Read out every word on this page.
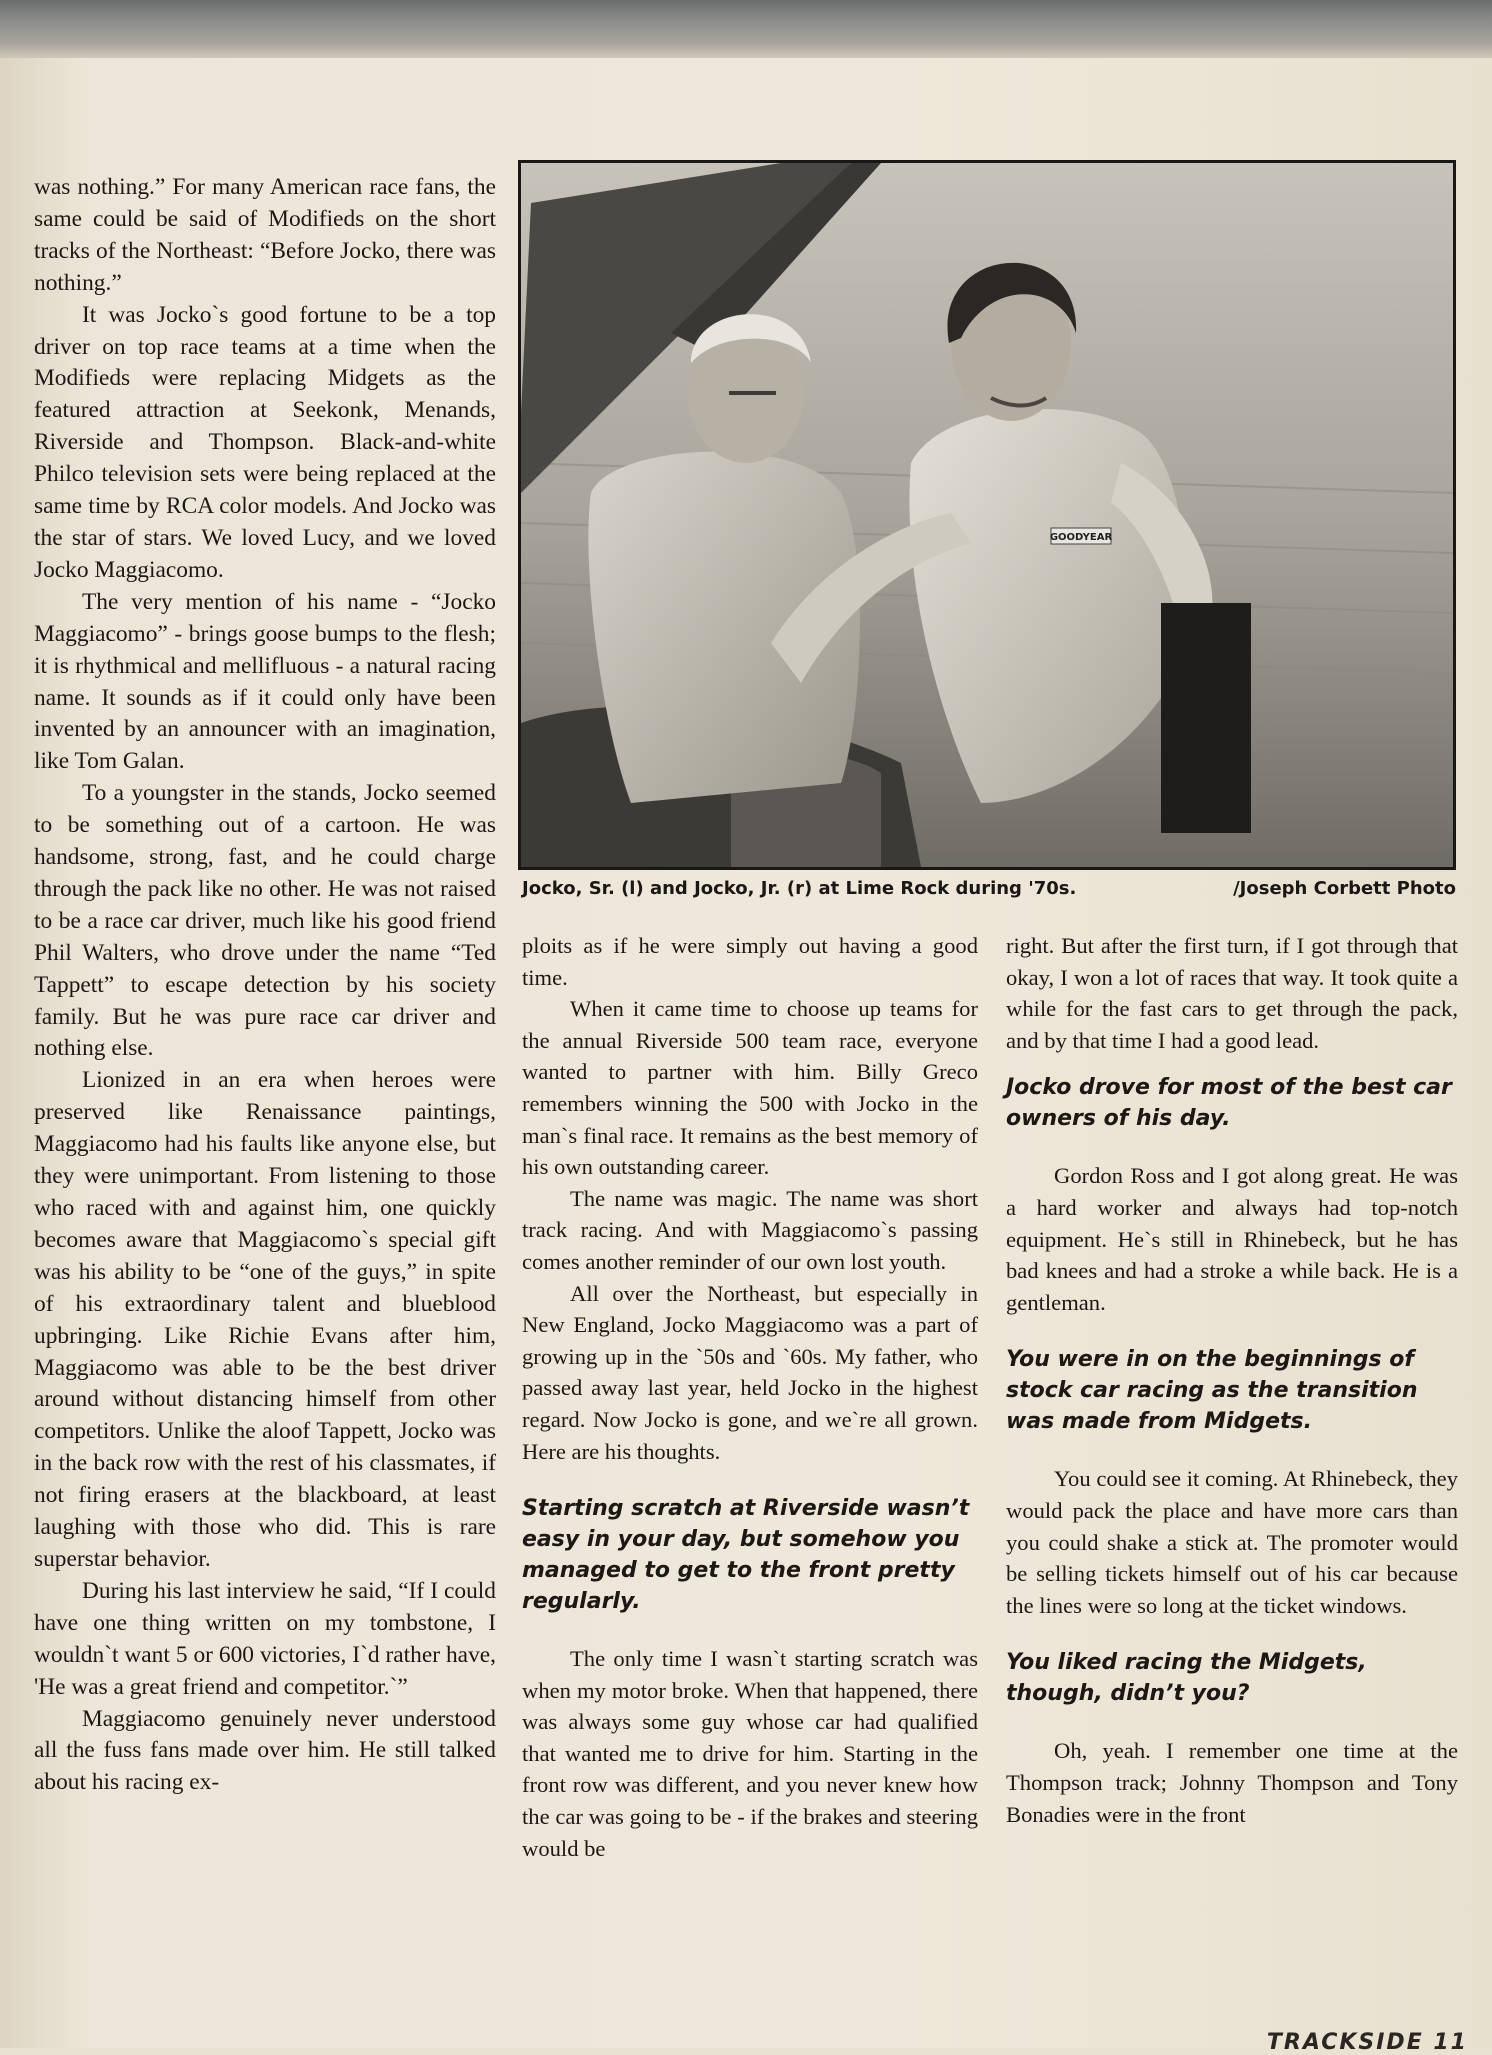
GOODYEAR
Jocko, Sr. (l) and Jocko, Jr. (r) at Lime Rock during '70s.	/Joseph Corbett Photo

was nothing.” For many American race fans, the same could be said of Modifieds on the short tracks of the Northeast: “Before Jocko, there was nothing.”

It was Jocko`s good fortune to be a top driver on top race teams at a time when the Modifieds were replacing Midgets as the featured attraction at Seekonk, Menands, Riverside and Thompson. Black-and-white Philco television sets were being replaced at the same time by RCA color models. And Jocko was the star of stars. We loved Lucy, and we loved Jocko Maggiacomo.

The very mention of his name - “Jocko Maggiacomo” - brings goose bumps to the flesh; it is rhythmical and mellifluous - a natural racing name. It sounds as if it could only have been invented by an announcer with an imagination, like Tom Galan.

To a youngster in the stands, Jocko seemed to be something out of a cartoon. He was handsome, strong, fast, and he could charge through the pack like no other. He was not raised to be a race car driver, much like his good friend Phil Walters, who drove under the name “Ted Tappett” to escape detection by his society family. But he was pure race car driver and nothing else.

Lionized in an era when heroes were preserved like Renaissance paintings, Maggiacomo had his faults like anyone else, but they were unimportant. From listening to those who raced with and against him, one quickly becomes aware that Maggiacomo`s special gift was his ability to be “one of the guys,” in spite of his extraordinary talent and blueblood upbringing. Like Richie Evans after him, Maggiacomo was able to be the best driver around without distancing himself from other competitors. Unlike the aloof Tappett, Jocko was in the back row with the rest of his classmates, if not firing erasers at the blackboard, at least laughing with those who did. This is rare superstar behavior.

During his last interview he said, “If I could have one thing written on my tombstone, I wouldn`t want 5 or 600 victories, I`d rather have, 'He was a great friend and competitor.`”

Maggiacomo genuinely never understood all the fuss fans made over him. He still talked about his racing ex-

ploits as if he were simply out having a good time.

When it came time to choose up teams for the annual Riverside 500 team race, everyone wanted to partner with him. Billy Greco remembers winning the 500 with Jocko in the man`s final race. It remains as the best memory of his own outstanding career.

The name was magic. The name was short track racing. And with Maggiacomo`s passing comes another reminder of our own lost youth.

All over the Northeast, but especially in New England, Jocko Maggiacomo was a part of growing up in the `50s and `60s. My father, who passed away last year, held Jocko in the highest regard. Now Jocko is gone, and we`re all grown. Here are his thoughts.

Starting scratch at Riverside wasn’t easy in your day, but somehow you managed to get to the front pretty regularly.

The only time I wasn`t starting scratch was when my motor broke. When that happened, there was always some guy whose car had qualified that wanted me to drive for him. Starting in the front row was different, and you never knew how the car was going to be - if the brakes and steering would be

right. But after the first turn, if I got through that okay, I won a lot of races that way. It took quite a while for the fast cars to get through the pack, and by that time I had a good lead.

Jocko drove for most of the best car owners of his day.

Gordon Ross and I got along great. He was a hard worker and always had top-notch equipment. He`s still in Rhinebeck, but he has bad knees and had a stroke a while back. He is a gentleman.

You were in on the beginnings of stock car racing as the transition was made from Midgets.

You could see it coming. At Rhinebeck, they would pack the place and have more cars than you could shake a stick at. The promoter would be selling tickets himself out of his car because the lines were so long at the ticket windows.

You liked racing the Midgets, though, didn’t you?

Oh, yeah. I remember one time at the Thompson track; Johnny Thompson and Tony Bonadies were in the front

TRACKSIDE 11
